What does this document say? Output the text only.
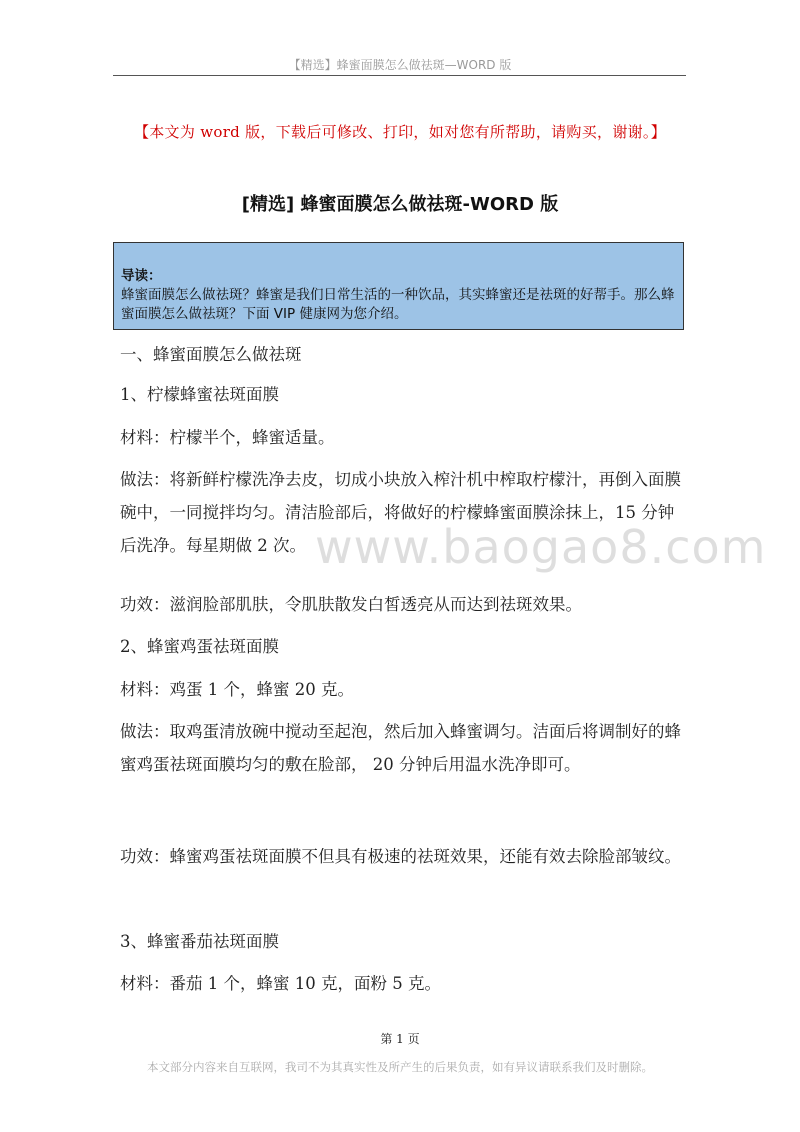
【精选】蜂蜜面膜怎么做祛斑—WORD 版
【本文为 word 版，下载后可修改、打印，如对您有所帮助，请购买，谢谢。】
[精选] 蜂蜜面膜怎么做祛斑-WORD 版
导读：
蜂蜜面膜怎么做祛斑？蜂蜜是我们日常生活的一种饮品，其实蜂蜜还是祛斑的好帮手。那么蜂蜜面膜怎么做祛斑？下面 VIP 健康网为您介绍。
www.baogao8.com
一、蜂蜜面膜怎么做祛斑
1、柠檬蜂蜜祛斑面膜
材料：柠檬半个，蜂蜜适量。
做法：将新鲜柠檬洗净去皮，切成小块放入榨汁机中榨取柠檬汁，再倒入面膜碗中，一同搅拌均匀。清洁脸部后，将做好的柠檬蜂蜜面膜涂抹上，15 分钟后洗净。每星期做 2 次。
功效：滋润脸部肌肤，令肌肤散发白皙透亮从而达到祛斑效果。
2、蜂蜜鸡蛋祛斑面膜
材料：鸡蛋 1 个，蜂蜜 20 克。
做法：取鸡蛋清放碗中搅动至起泡，然后加入蜂蜜调匀。洁面后将调制好的蜂蜜鸡蛋祛斑面膜均匀的敷在脸部， 20 分钟后用温水洗净即可。
功效：蜂蜜鸡蛋祛斑面膜不但具有极速的祛斑效果，还能有效去除脸部皱纹。
3、蜂蜜番茄祛斑面膜
材料：番茄 1 个，蜂蜜 10 克，面粉 5 克。
第 1 页
本文部分内容来自互联网，我司不为其真实性及所产生的后果负责，如有异议请联系我们及时删除。
